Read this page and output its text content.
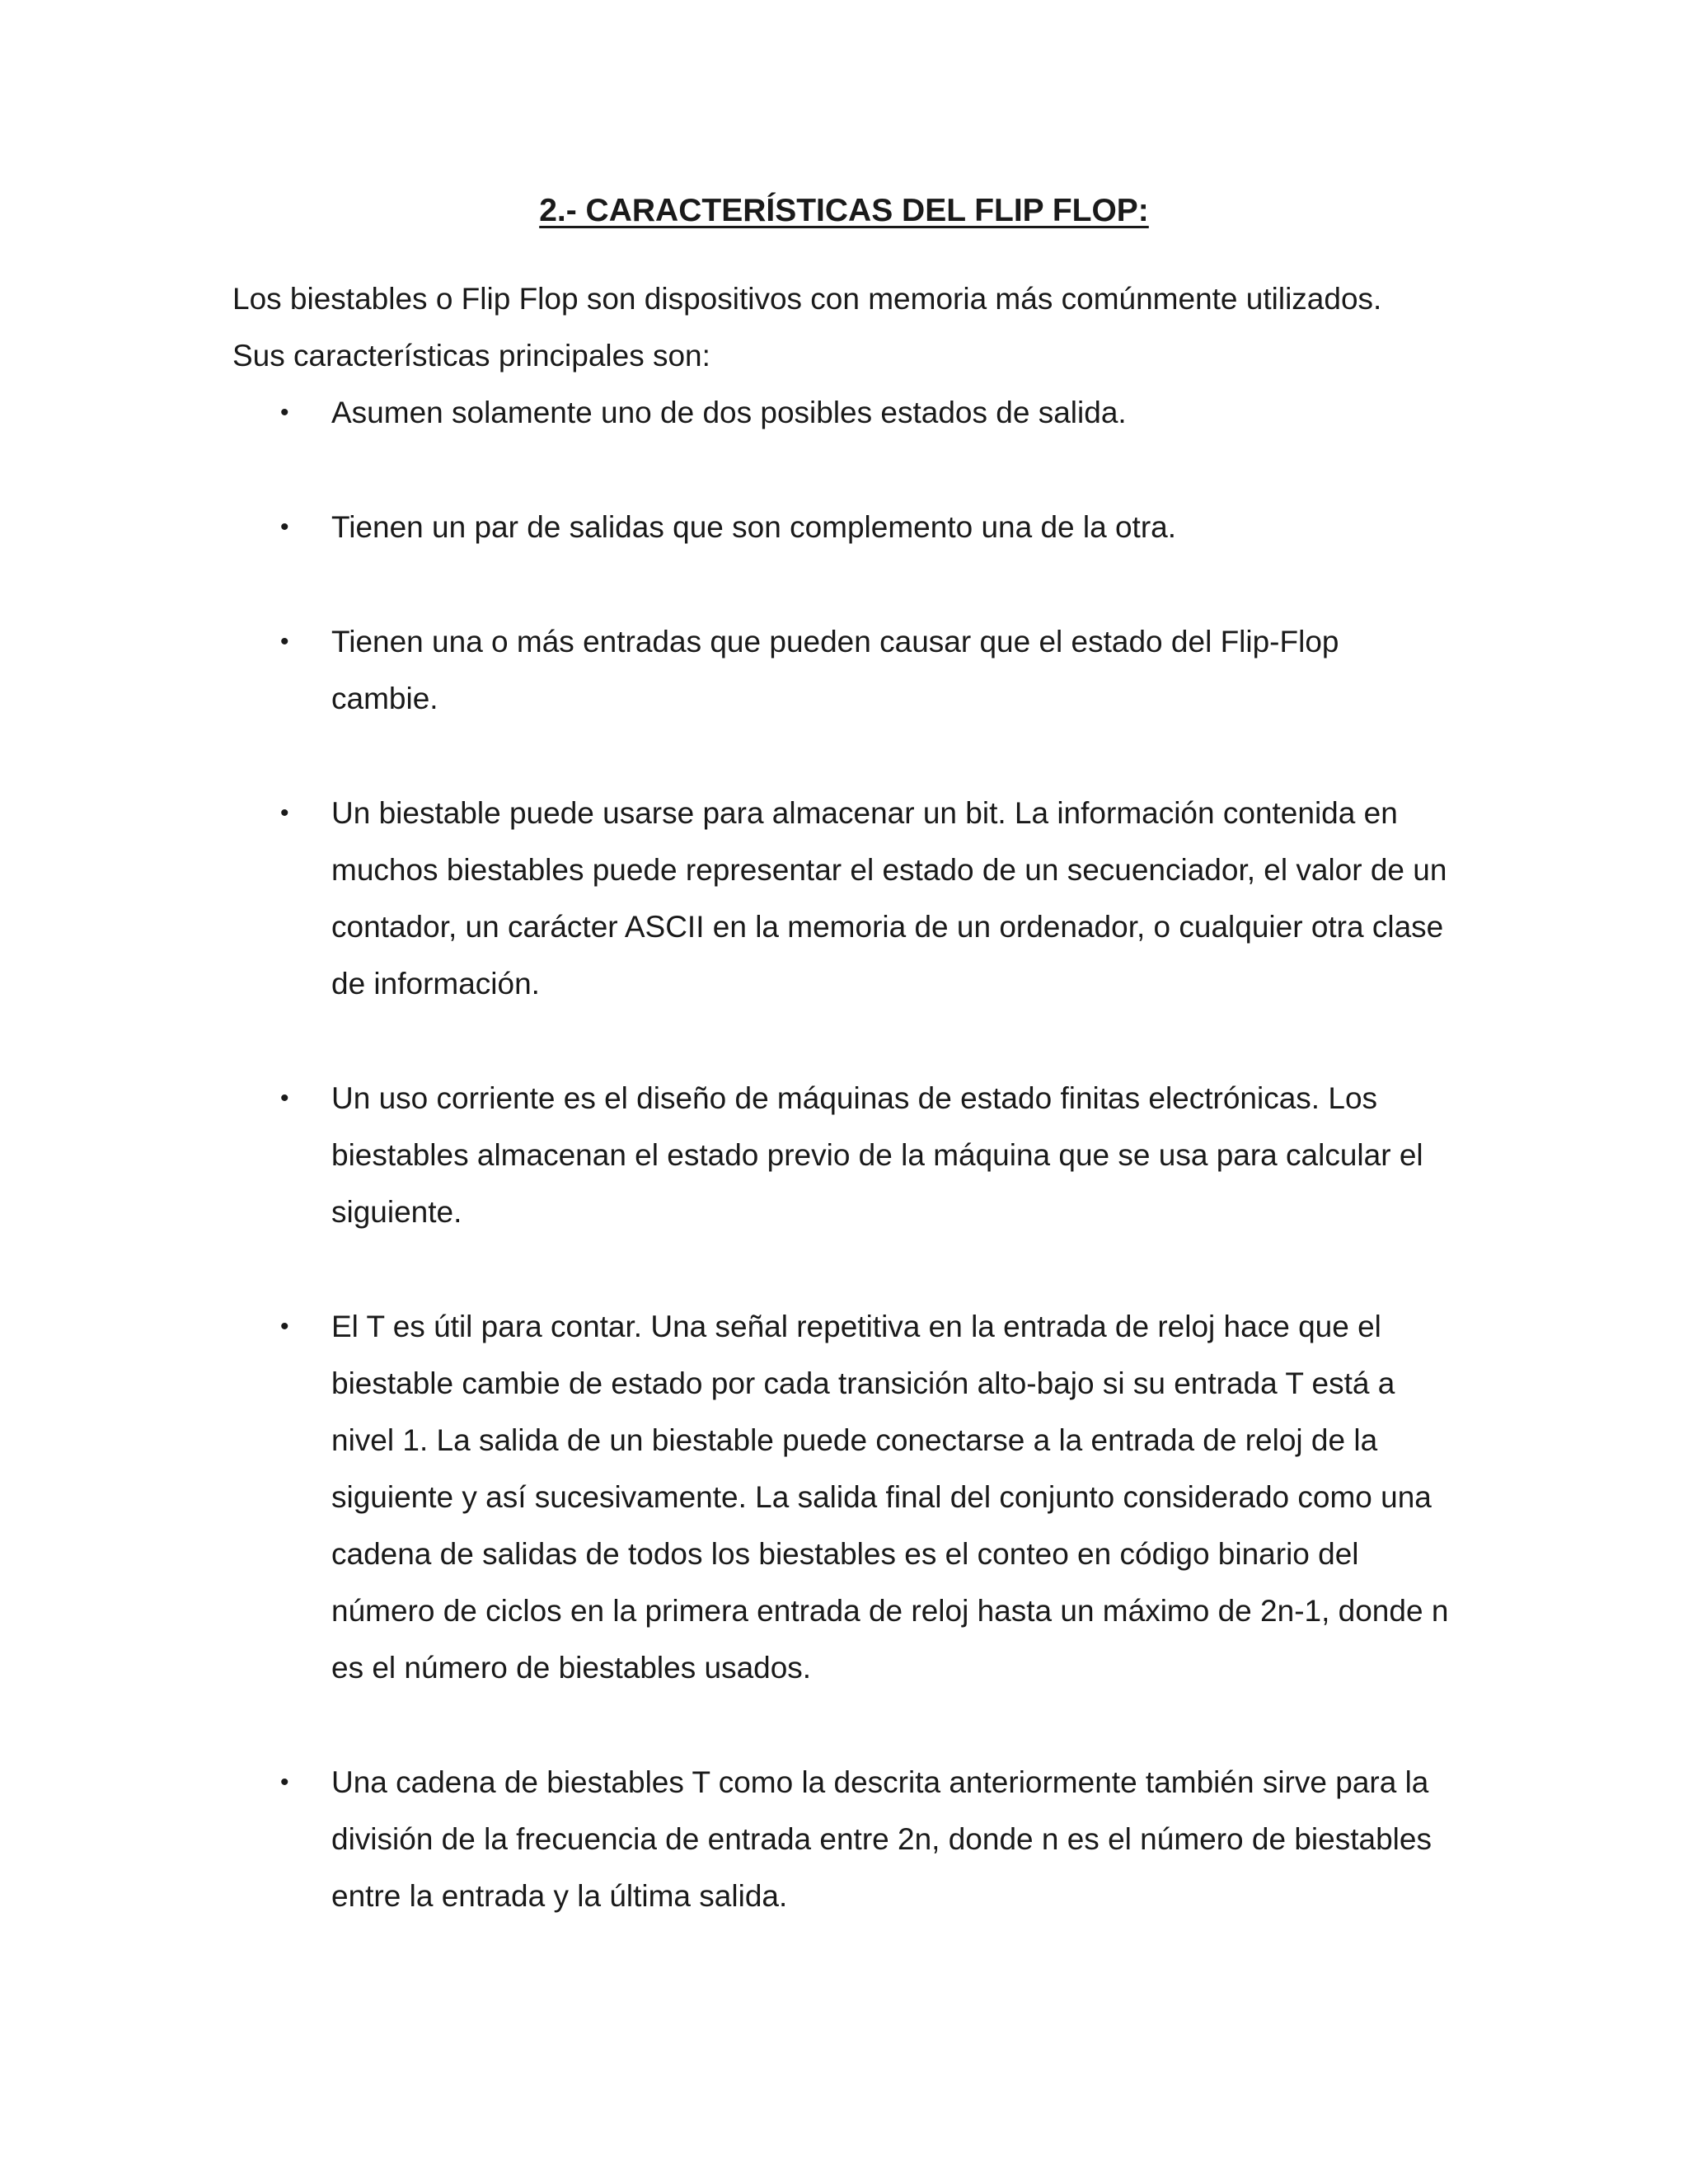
2.- CARACTERÍSTICAS DEL FLIP FLOP:

Los biestables o Flip Flop son dispositivos con memoria más comúnmente utilizados. Sus características principales son:

• Asumen solamente uno de dos posibles estados de salida.
• Tienen un par de salidas que son complemento una de la otra.
• Tienen una o más entradas que pueden causar que el estado del Flip-Flop cambie.
• Un biestable puede usarse para almacenar un bit. La información contenida en muchos biestables puede representar el estado de un secuenciador, el valor de un contador, un carácter ASCII en la memoria de un ordenador, o cualquier otra clase de información.
• Un uso corriente es el diseño de máquinas de estado finitas electrónicas. Los biestables almacenan el estado previo de la máquina que se usa para calcular el siguiente.
• El T es útil para contar. Una señal repetitiva en la entrada de reloj hace que el biestable cambie de estado por cada transición alto-bajo si su entrada T está a nivel 1. La salida de un biestable puede conectarse a la entrada de reloj de la siguiente y así sucesivamente. La salida final del conjunto considerado como una cadena de salidas de todos los biestables es el conteo en código binario del número de ciclos en la primera entrada de reloj hasta un máximo de 2n-1, donde n es el número de biestables usados.
• Una cadena de biestables T como la descrita anteriormente también sirve para la división de la frecuencia de entrada entre 2n, donde n es el número de biestables entre la entrada y la última salida.
